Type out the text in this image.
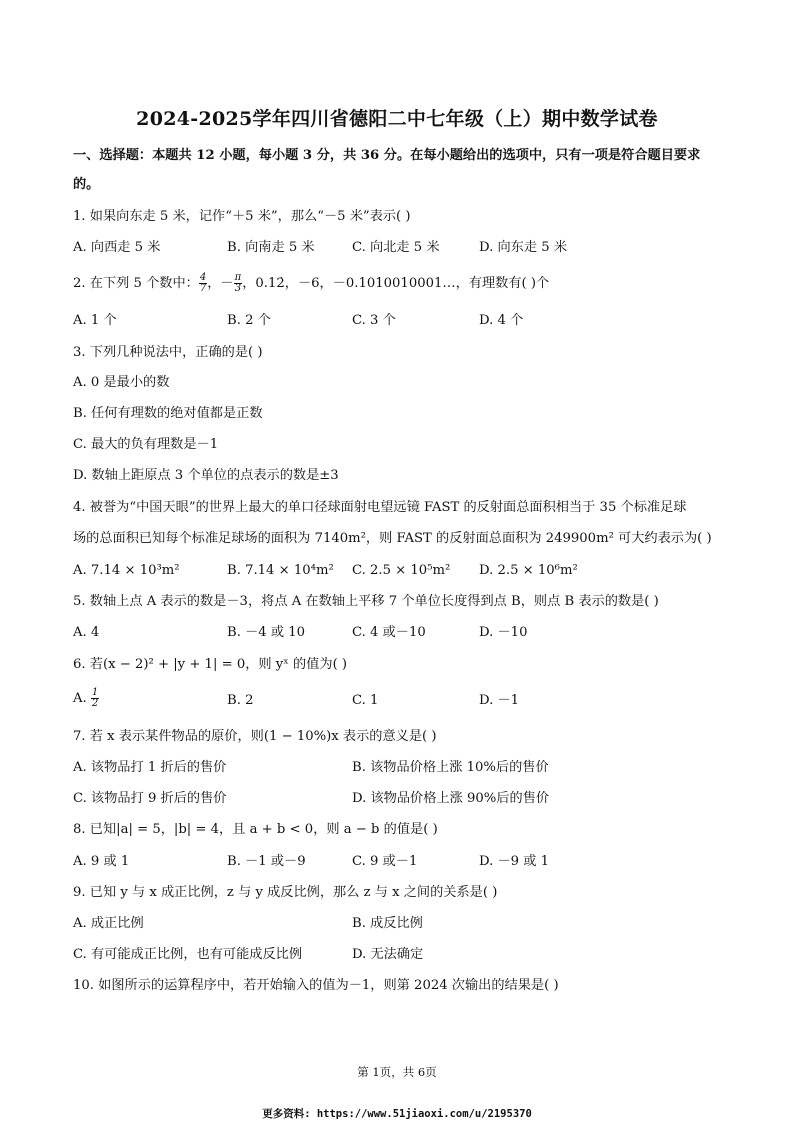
2024-2025学年四川省德阳二中七年级（上）期中数学试卷
一、选择题：本题共 12 小题，每小题 3 分，共 36 分。在每小题给出的选项中，只有一项是符合题目要求
的。
1. 如果向东走 5 米，记作“＋5 米”，那么“－5 米”表示( )
A. 向西走 5 米	B. 向南走 5 米	C. 向北走 5 米	D. 向东走 5 米
2. 在下列 5 个数中： $\frac{4}{7}$ ，－ $\frac{\pi}{3}$ ，0.12̇，－6，－0.1010010001…，有理数有( )个
A. 1 个	B. 2 个	C. 3 个	D. 4 个
3. 下列几种说法中，正确的是( )
A. 0 是最小的数
B. 任何有理数的绝对值都是正数
C. 最大的负有理数是－1
D. 数轴上距原点 3 个单位的点表示的数是±3
4. 被誉为“中国天眼”的世界上最大的单口径球面射电望远镜 FAST 的反射面总面积相当于 35 个标准足球
场的总面积已知每个标准足球场的面积为 7140m²，则 FAST 的反射面总面积为 249900m² 可大约表示为( )
A. 7.14 × 10³m²	B. 7.14 × 10⁴m² C. 2.5 × 10⁵m² D. 2.5 × 10⁶m²
5. 数轴上点 A 表示的数是－3，将点 A 在数轴上平移 7 个单位长度得到点 B，则点 B 表示的数是( )
A. 4	B. －4 或 10	C. 4 或－10	D. －10
6. 若(x − 2)² + |y + 1| = 0，则 yˣ 的值为( )
A. $\frac{1}{2}$	B. 2	C. 1	D. －1
7. 若 x 表示某件物品的原价，则(1 − 10%)x 表示的意义是( )
A. 该物品打 1 折后的售价	B. 该物品价格上涨 10%后的售价
C. 该物品打 9 折后的售价	D. 该物品价格上涨 90%后的售价
8. 已知|a| = 5，|b| = 4，且 a + b < 0，则 a − b 的值是( )
A. 9 或 1	B. －1 或－9	C. 9 或－1	D. －9 或 1
9. 已知 y 与 x 成正比例，z 与 y 成反比例，那么 z 与 x 之间的关系是( )
A. 成正比例	B. 成反比例
C. 有可能成正比例，也有可能成反比例	D. 无法确定
10. 如图所示的运算程序中，若开始输入的值为－1，则第 2024 次输出的结果是( )
第 1页，共 6页
更多资料: https://www.51jiaoxi.com/u/2195370
